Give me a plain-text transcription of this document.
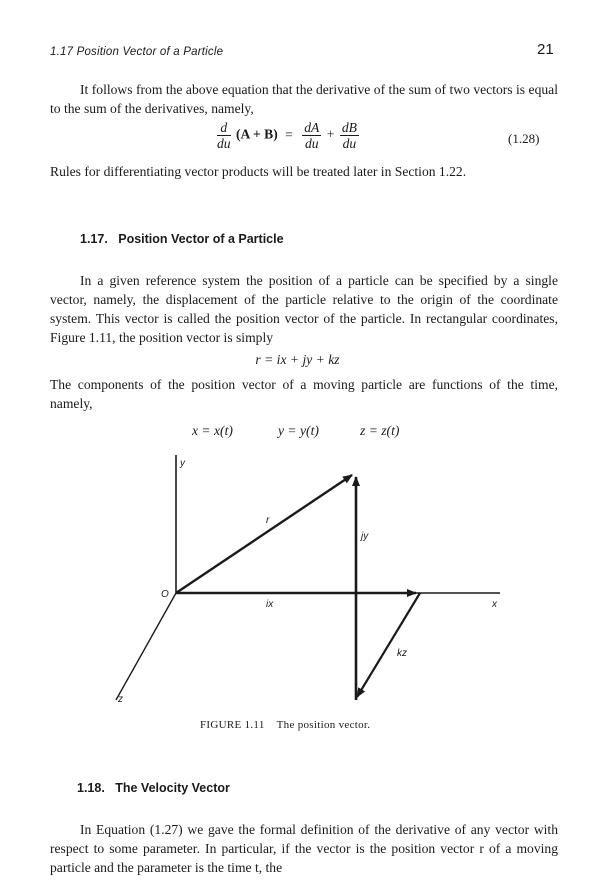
1.17 Position Vector of a Particle	21
It follows from the above equation that the derivative of the sum of two vectors is equal to the sum of the derivatives, namely,
$\frac{d}{du} (A + B) = \frac{dA}{du} + \frac{dB}{du}$	(1.28)
Rules for differentiating vector products will be treated later in Section 1.22.
1.17. Position Vector of a Particle
In a given reference system the position of a particle can be specified by a single vector, namely, the displacement of the particle relative to the origin of the coordinate system. This vector is called the position vector of the particle. In rectangular coordinates, Figure 1.11, the position vector is simply
r = ix + jy + kz
The components of the position vector of a moving particle are functions of the time, namely,
x = x(t)	y = y(t)	z = z(t)
y
x
z
O
r
ix
jy
kz
FIGURE 1.11 The position vector.
1.18. The Velocity Vector
In Equation (1.27) we gave the formal definition of the derivative of any vector with respect to some parameter. In particular, if the vector is the position vector r of a moving particle and the parameter is the time t, the
